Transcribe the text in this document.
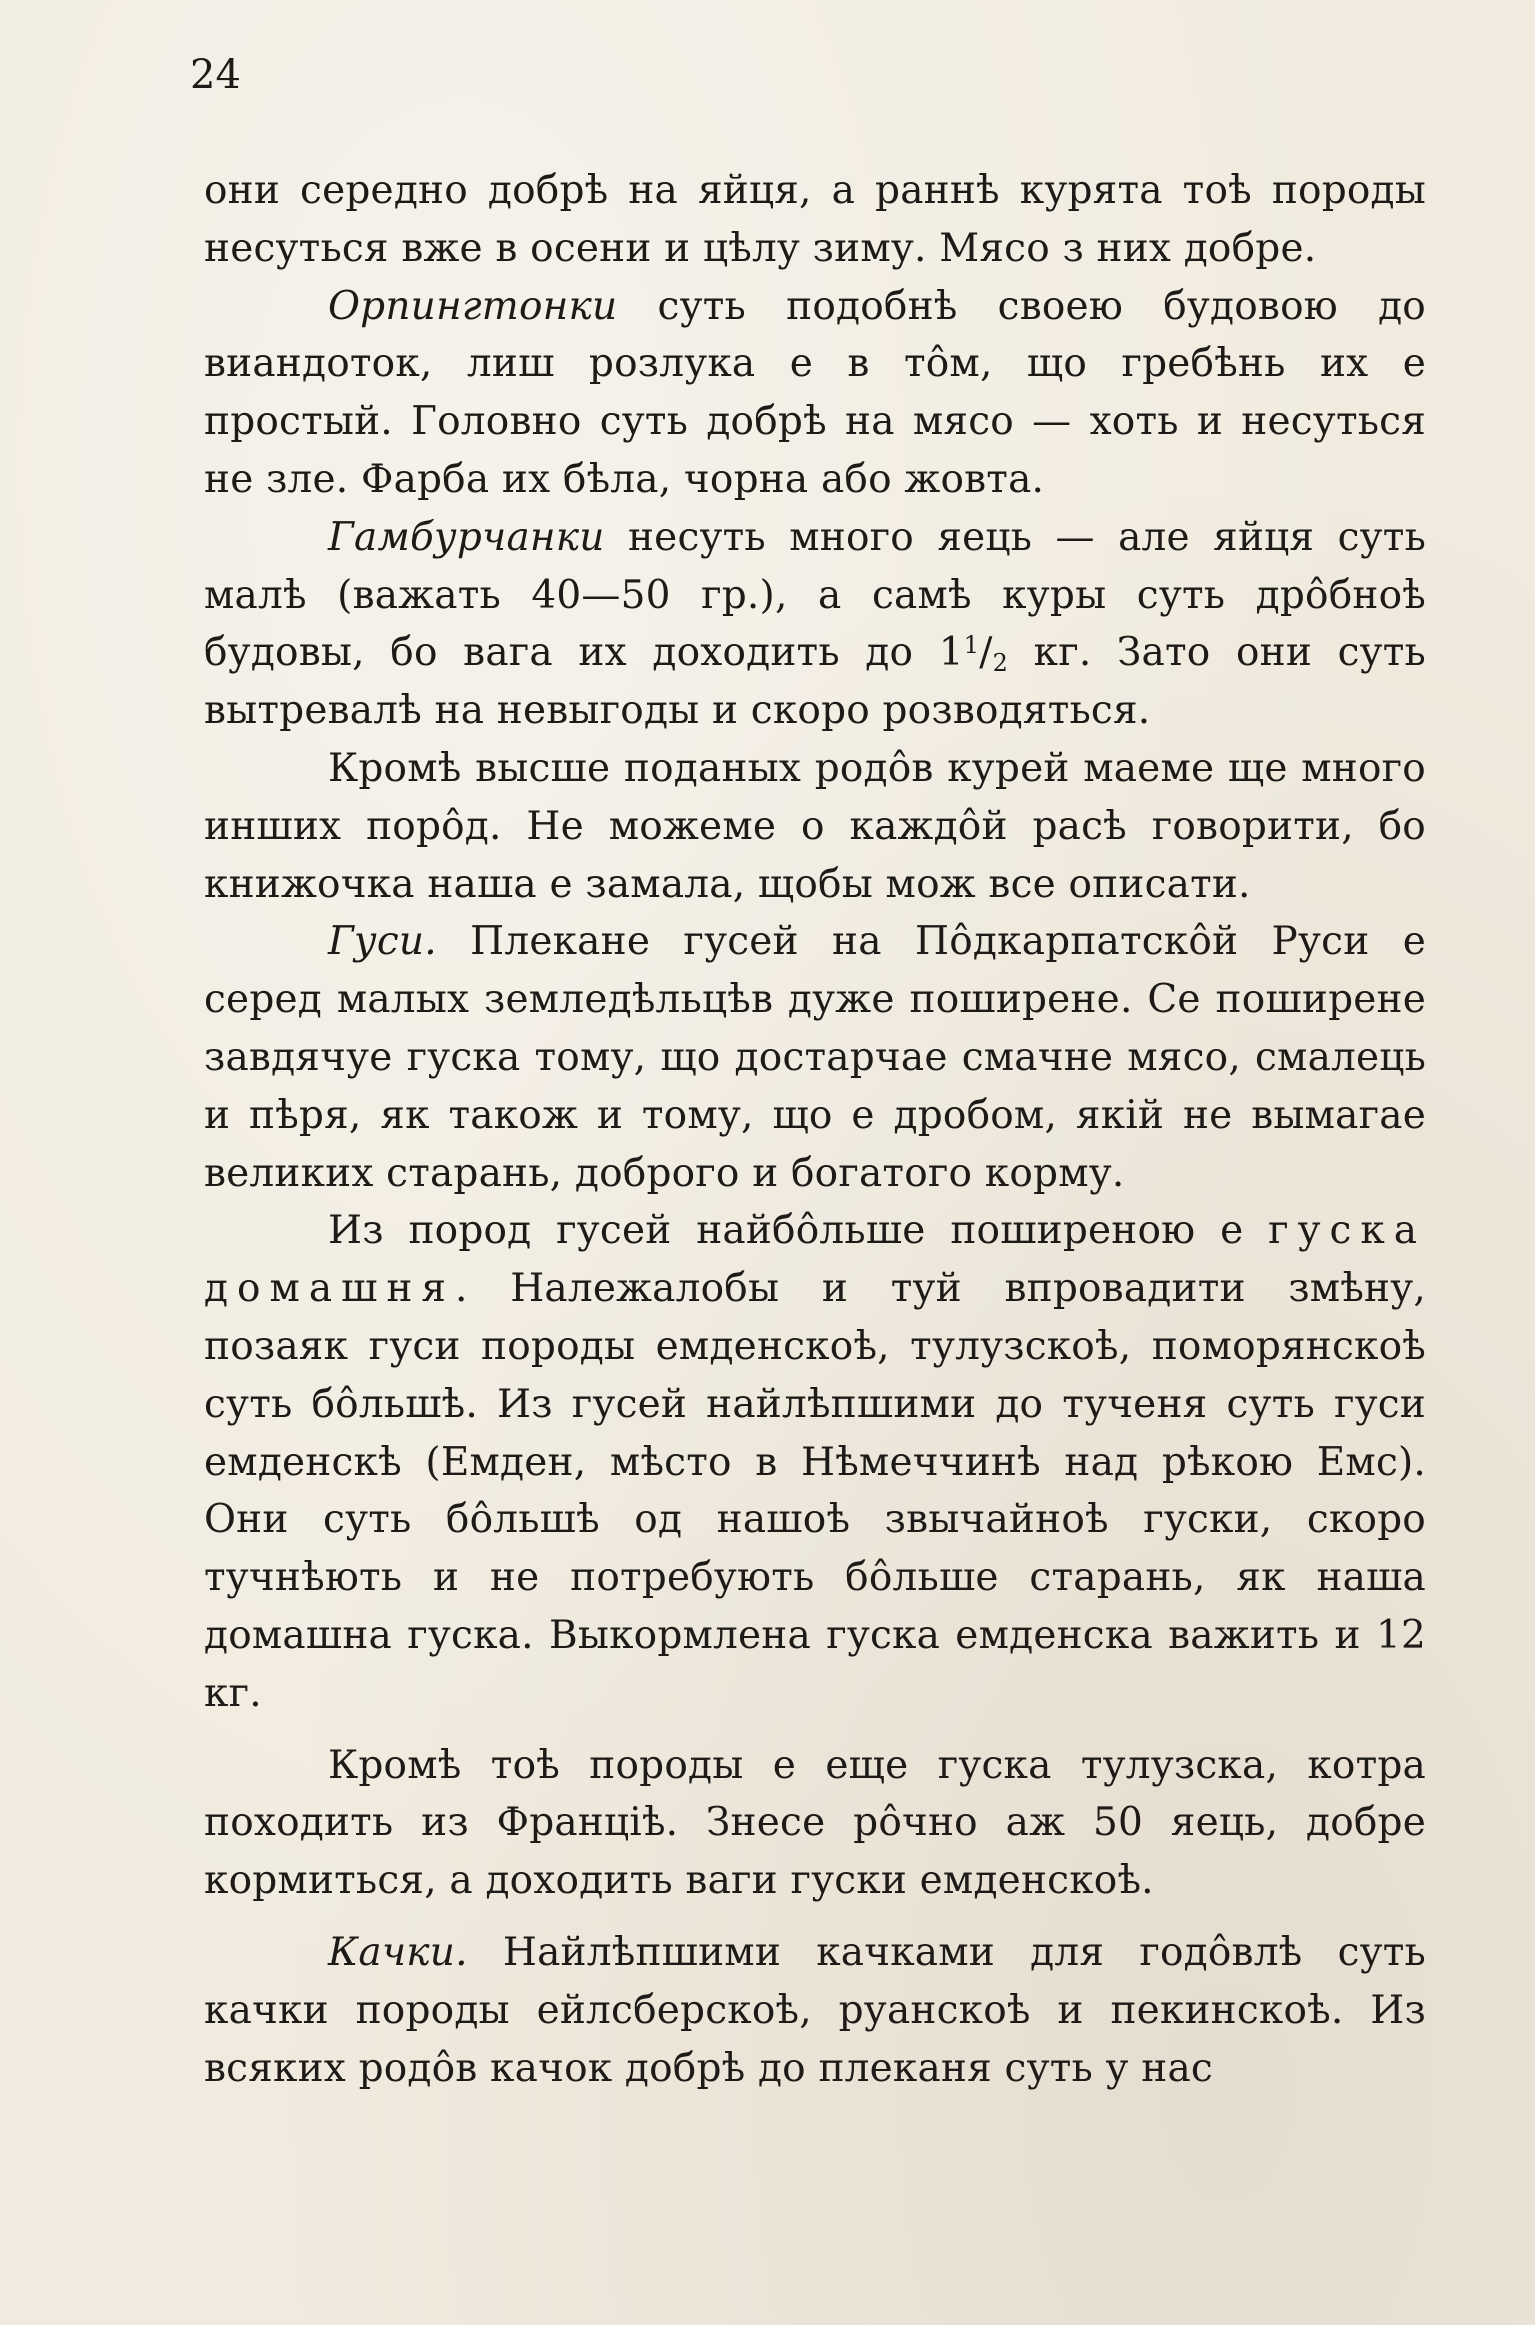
24

они середно добрѣ на яйця, а раннѣ курята тоѣ породы несуться вже в осени и цѣлу зиму. Мясо з них добре.

Орпингтонки суть подобнѣ своею будовою до виандоток, лиш розлука е в тôм, що гребѣнь их е простый. Головно суть добрѣ на мясо — хоть и несуться не зле. Фарба их бѣла, чорна або жовта.

Гамбурчанки несуть много яець — але яйця суть малѣ (важать 40—50 гр.), а самѣ куры суть дрôбноѣ будовы, бо вага их доходить до $1^1/2$ кг. Зато они суть вытревалѣ на невыгоды и скоро розводяться.

Кромѣ высше поданых родôв курей маеме ще много инших порôд. Не можеме о каждôй расѣ говорити, бо книжочка наша е замала, щобы мож все описати.

Гуси. Плекане гусей на Пôдкарпатскôй Руси е серед малых земледѣльцѣв дуже поширене. Се поширене завдячуе гуска тому, що достарчае смачне мясо, смалець и пѣря, як також и тому, що е дробом, якій не вымагае великих старань, доброго и богатого корму.

Из пород гусей найбôльше поширеною е гуска домашня. Належалобы и туй впровадити змѣну, позаяк гуси породы емденскоѣ, тулузскоѣ, поморянскоѣ суть бôльшѣ. Из гусей найлѣпшими до тученя суть гуси емденскѣ (Емден, мѣсто в Нѣмеччинѣ над рѣкою Емс). Они суть бôльшѣ од нашоѣ звычайноѣ гуски, скоро тучнѣють и не потребують бôльше старань, як наша домашна гуска. Выкормлена гуска емденска важить и 12 кг.

Кромѣ тоѣ породы е еще гуска тулузска, котра походить из Францiѣ. Знесе рôчно аж 50 яець, добре кормиться, а доходить ваги гуски емденскоѣ.

Качки. Найлѣпшими качками для годôвлѣ суть качки породы ейлсберскоѣ, руанскоѣ и пекинскоѣ. Из всяких родôв качок добрѣ до плеканя суть у нас
